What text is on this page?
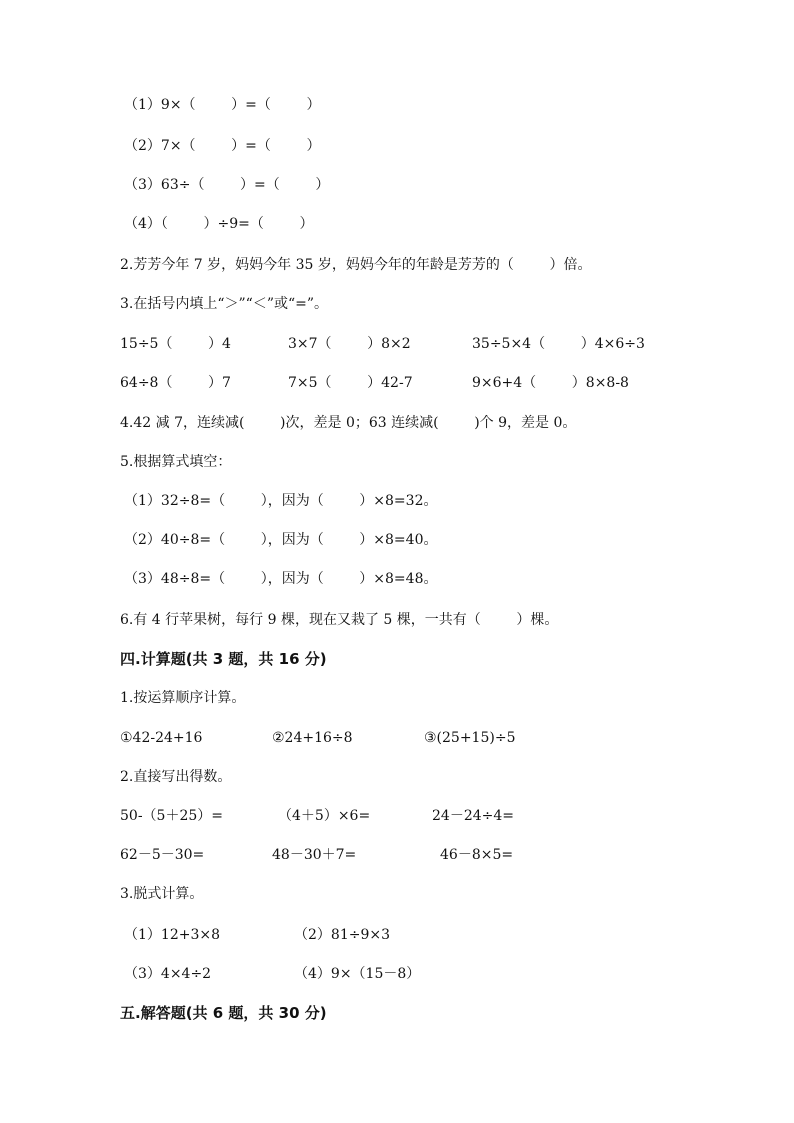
（1）9×（        ）=（        ）
（2）7×（        ）=（        ）
（3）63÷（        ）=（        ）
（4）（        ）÷9=（        ）
2.芳芳今年 7 岁，妈妈今年 35 岁，妈妈今年的年龄是芳芳的（        ）倍。
3.在括号内填上“＞”“＜”或“=”。
15÷5（        ）4	3×7（        ）8×2	35÷5×4（        ）4×6÷3
64÷8（        ）7	7×5（        ）42-7	9×6+4（        ）8×8-8
4.42 减 7，连续减(        )次，差是 0；63 连续减(        )个 9，差是 0。
5.根据算式填空：
（1）32÷8=（        ），因为（        ）×8=32。
（2）40÷8=（        ），因为（        ）×8=40。
（3）48÷8=（        ），因为（        ）×8=48。
6.有 4 行苹果树，每行 9 棵，现在又栽了 5 棵，一共有（        ）棵。
四.计算题(共 3 题，共 16 分)
1.按运算顺序计算。
①42-24+16	②24+16÷8	③(25+15)÷5
2.直接写出得数。
50-（5＋25）=	（4＋5）×6=	24－24÷4=
62－5－30=	48－30＋7=	46－8×5=
3.脱式计算。
（1）12+3×8	（2）81÷9×3
（3）4×4÷2	（4）9×（15－8）
五.解答题(共 6 题，共 30 分)
